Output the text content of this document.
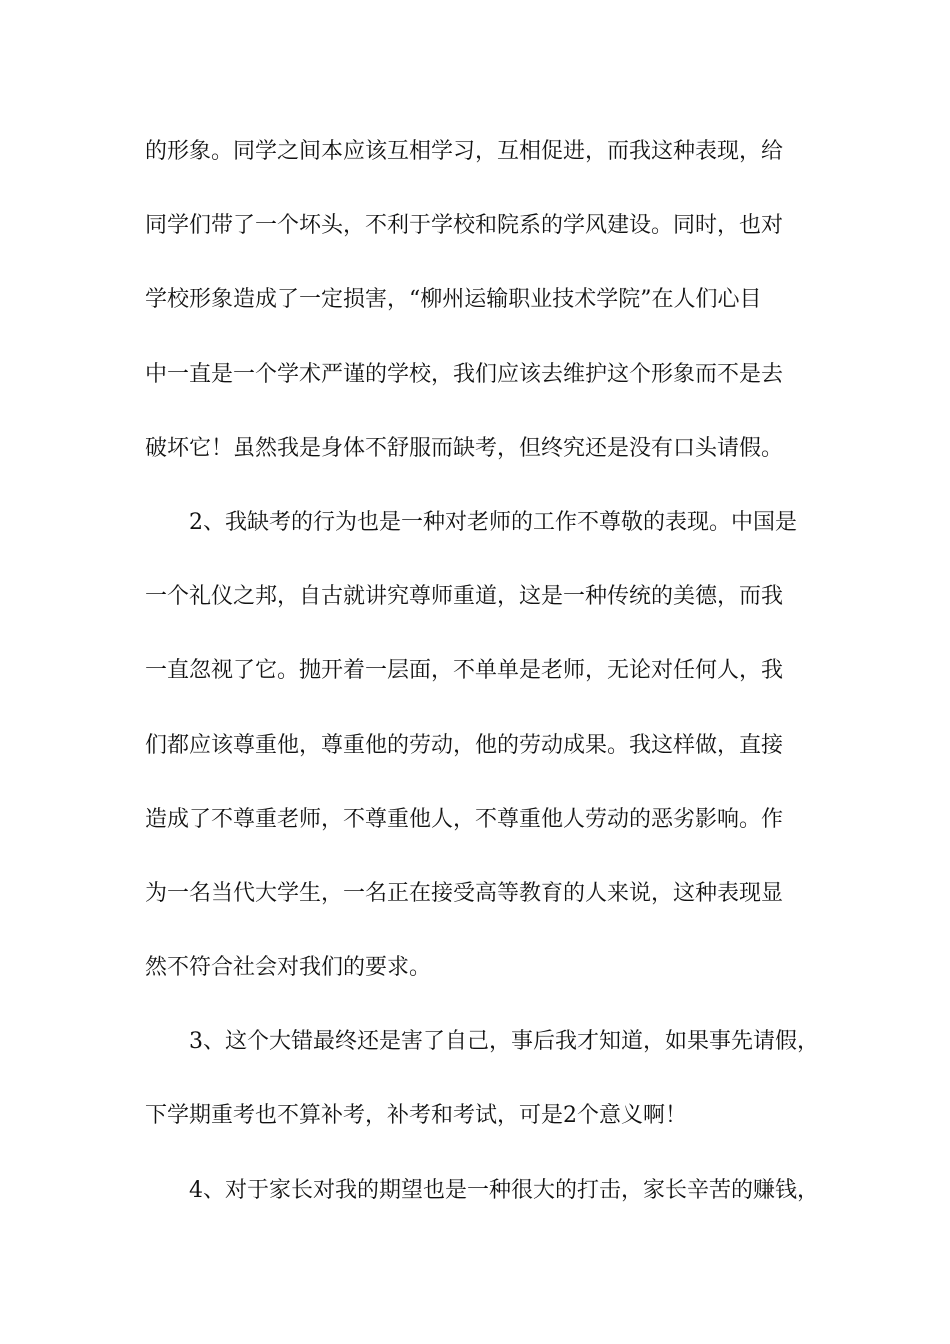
的形象。同学之间本应该互相学习，互相促进，而我这种表现，给
同学们带了一个坏头，不利于学校和院系的学风建设。同时，也对
学校形象造成了一定损害，“柳州运输职业技术学院”在人们心目
中一直是一个学术严谨的学校，我们应该去维护这个形象而不是去
破坏它！虽然我是身体不舒服而缺考，但终究还是没有口头请假。
2、我缺考的行为也是一种对老师的工作不尊敬的表现。中国是
一个礼仪之邦，自古就讲究尊师重道，这是一种传统的美德，而我
一直忽视了它。抛开着一层面，不单单是老师，无论对任何人，我
们都应该尊重他，尊重他的劳动，他的劳动成果。我这样做，直接
造成了不尊重老师，不尊重他人，不尊重他人劳动的恶劣影响。作
为一名当代大学生，一名正在接受高等教育的人来说，这种表现显
然不符合社会对我们的要求。
3、这个大错最终还是害了自己，事后我才知道，如果事先请假，
下学期重考也不算补考，补考和考试，可是2个意义啊！
4、对于家长对我的期望也是一种很大的打击，家长辛苦的赚钱，
